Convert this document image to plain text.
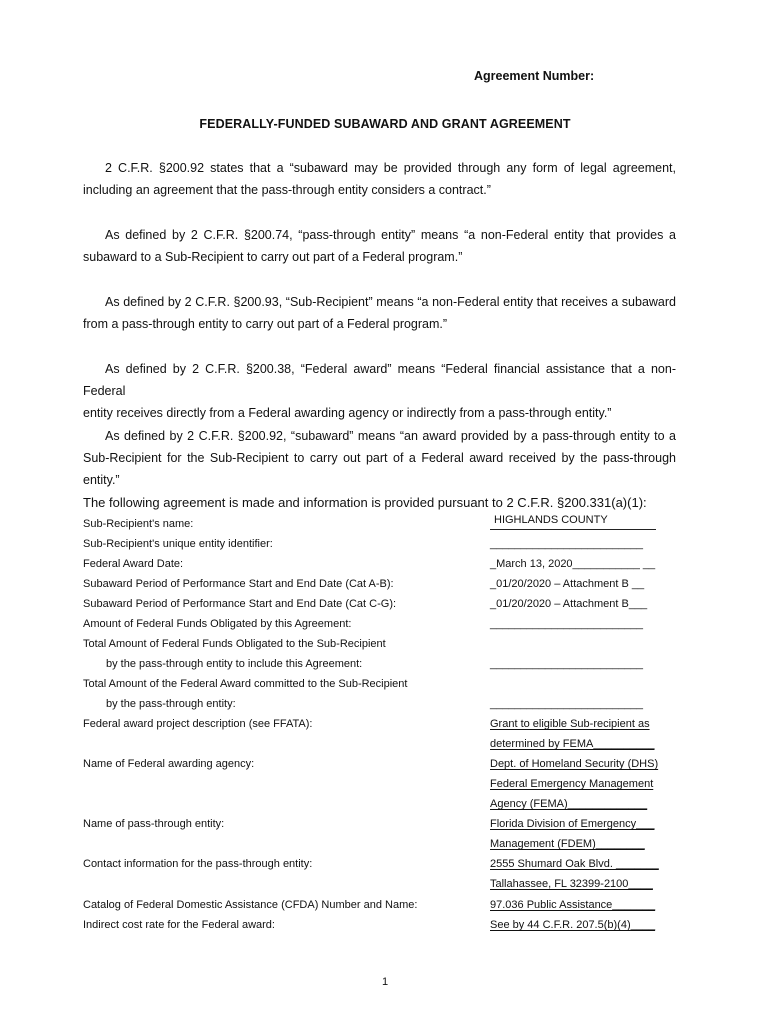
Agreement Number:
FEDERALLY-FUNDED SUBAWARD AND GRANT AGREEMENT
2 C.F.R. §200.92 states that a “subaward may be provided through any form of legal agreement,
including an agreement that the pass-through entity considers a contract.”
As defined by 2 C.F.R. §200.74, “pass-through entity” means “a non-Federal entity that provides a
subaward to a Sub-Recipient to carry out part of a Federal program.”
As defined by 2 C.F.R. §200.93, “Sub-Recipient” means “a non-Federal entity that receives a subaward
from a pass-through entity to carry out part of a Federal program.”
As defined by 2 C.F.R. §200.38, “Federal award” means “Federal financial assistance that a non-Federal
entity receives directly from a Federal awarding agency or indirectly from a pass-through entity.”
As defined by 2 C.F.R. §200.92, “subaward” means “an award provided by a pass-through entity to a
Sub-Recipient for the Sub-Recipient to carry out part of a Federal award received by the pass-through entity.”
The following agreement is made and information is provided pursuant to 2 C.F.R. §200.331(a)(1):
Sub-Recipient's name:	HIGHLANDS COUNTY
Sub-Recipient's unique entity identifier:	_________________________
Federal Award Date:	_March 13, 2020___________ __
Subaward Period of Performance Start and End Date (Cat A-B):	_01/20/2020 – Attachment B __
Subaward Period of Performance Start and End Date (Cat C-G):	_01/20/2020 – Attachment B___
Amount of Federal Funds Obligated by this Agreement:	_________________________
Total Amount of Federal Funds Obligated to the Sub-Recipient
by the pass-through entity to include this Agreement:	_________________________
Total Amount of the Federal Award committed to the Sub-Recipient
by the pass-through entity:	_________________________
Federal award project description (see FFATA):	Grant to eligible Sub-recipient as
determined by FEMA__________
Name of Federal awarding agency:	Dept. of Homeland Security (DHS)
Federal Emergency Management
Agency (FEMA)_____________
Name of pass-through entity:	Florida Division of Emergency___
Management (FDEM)________
Contact information for the pass-through entity:	2555 Shumard Oak Blvd. _______
Tallahassee, FL 32399-2100____
Catalog of Federal Domestic Assistance (CFDA) Number and Name:	97.036 Public Assistance_______
Indirect cost rate for the Federal award:	See by 44 C.F.R. 207.5(b)(4)____
1
